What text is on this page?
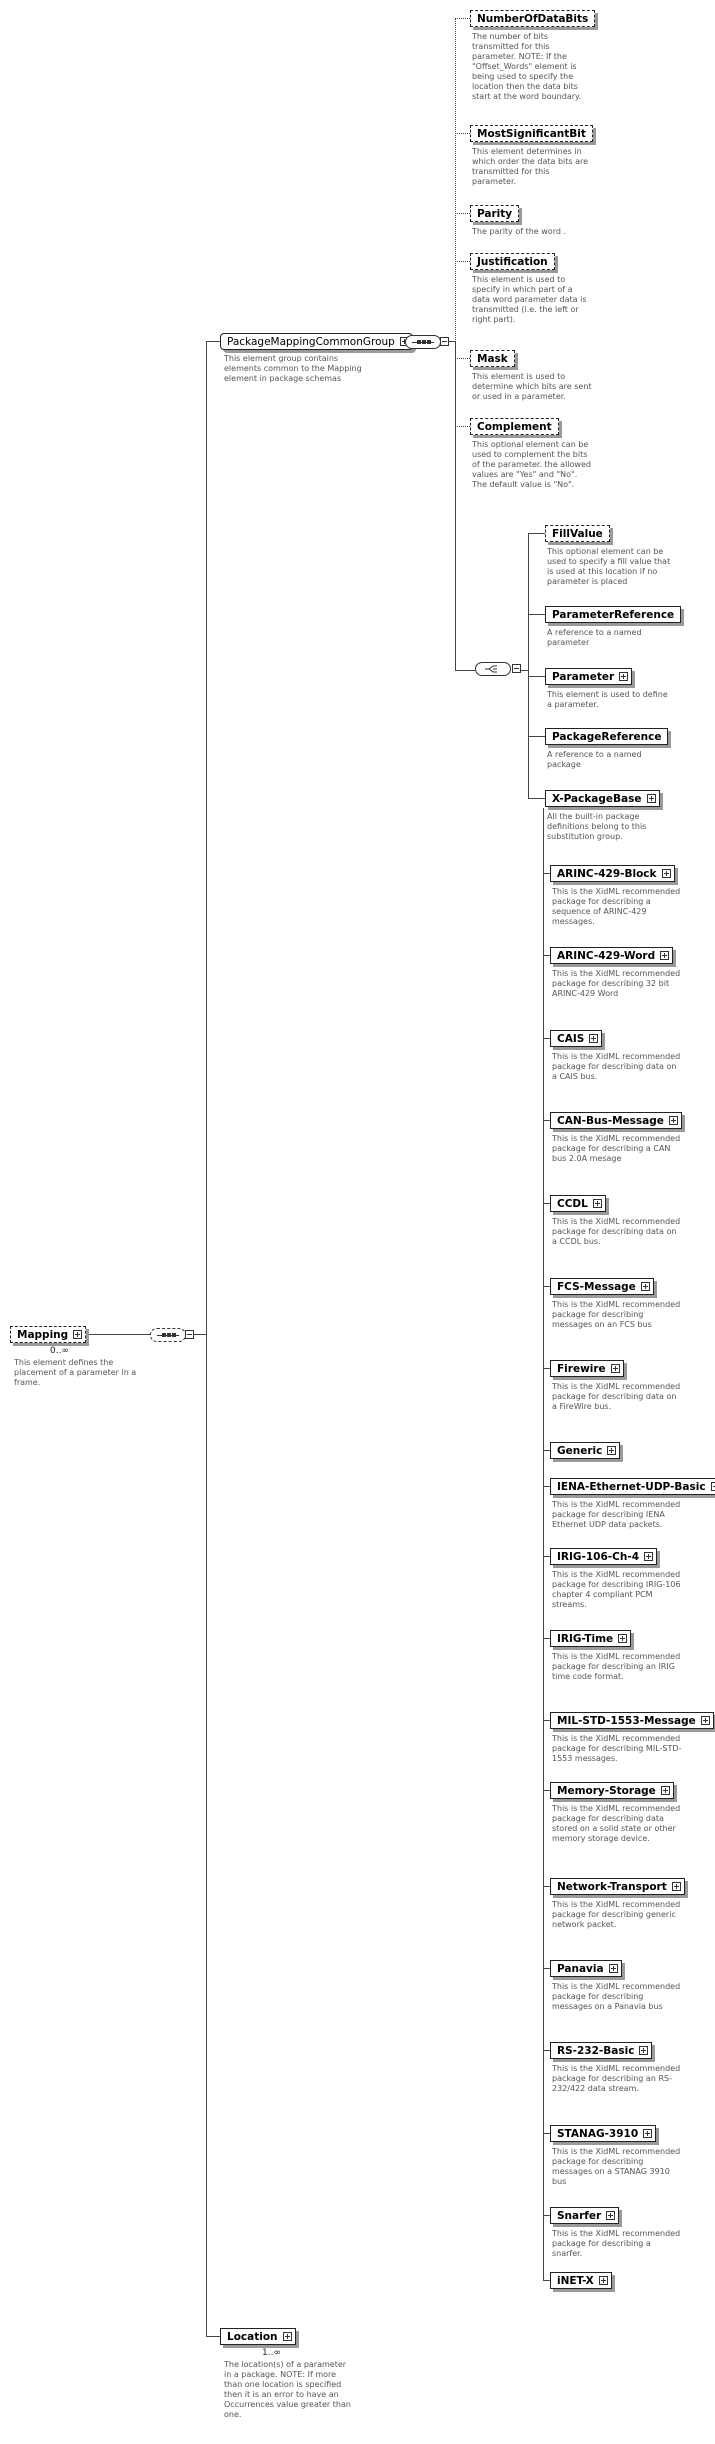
Mapping
0..∞
This element defines the placement of a parameter in a frame.
PackageMappingCommonGroup
This element group contains elements common to the Mapping element in package schemas
NumberOfDataBits
The number of bits transmitted for this parameter. NOTE: If the "Offset_Words" element is being used to specify the location then the data bits start at the word boundary.
MostSignificantBit
This element determines in which order the data bits are transmitted for this parameter.
Parity
The parity of the word .
Justification
This element is used to specify in which part of a data word parameter data is transmitted (i.e. the left or right part).
Mask
This element is used to determine which bits are sent or used in a parameter.
Complement
This optional element can be used to complement the bits of the parameter. the allowed values are "Yes" and "No". The default value is "No".
FillValue
This optional element can be used to specify a fill value that is used at this location if no parameter is placed
ParameterReference
A reference to a named parameter
Parameter
This element is used to define a parameter.
PackageReference
A reference to a named package
X-PackageBase
All the built-in package definitions belong to this substitution group.
ARINC-429-Block
This is the XidML recommended package for describing a sequence of ARINC-429 messages.
ARINC-429-Word
This is the XidML recommended package for describing 32 bit ARINC-429 Word
CAIS
This is the XidML recommended package for describing data on a CAIS bus.
CAN-Bus-Message
This is the XidML recommended package for describing a CAN bus 2.0A mesage
CCDL
This is the XidML recommended package for describing data on a CCDL bus.
FCS-Message
This is the XidML recommended package for describing messages on an FCS bus
Firewire
This is the XidML recommended package for describing data on a FireWire bus.
Generic
IENA-Ethernet-UDP-Basic
This is the XidML recommended package for describing IENA Ethernet UDP data packets.
IRIG-106-Ch-4
This is the XidML recommended package for describing IRIG-106 chapter 4 compliant PCM streams.
IRIG-Time
This is the XidML recommended package for describing an IRIG time code format.
MIL-STD-1553-Message
This is the XidML recommended package for describing MIL-STD-1553 messages.
Memory-Storage
This is the XidML recommended package for describing data stored on a solid state or other memory storage device.
Network-Transport
This is the XidML recommended package for describing generic network packet.
Panavia
This is the XidML recommended package for describing messages on a Panavia bus
RS-232-Basic
This is the XidML recommended package for describing an RS-232/422 data stream.
STANAG-3910
This is the XidML recommended package for describing messages on a STANAG 3910 bus
Snarfer
This is the XidML recommended package for describing a snarfer.
iNET-X
Location
1..∞
The location(s) of a parameter in a package. NOTE: If more than one location is specified then it is an error to have an Occurrences value greater than one.
